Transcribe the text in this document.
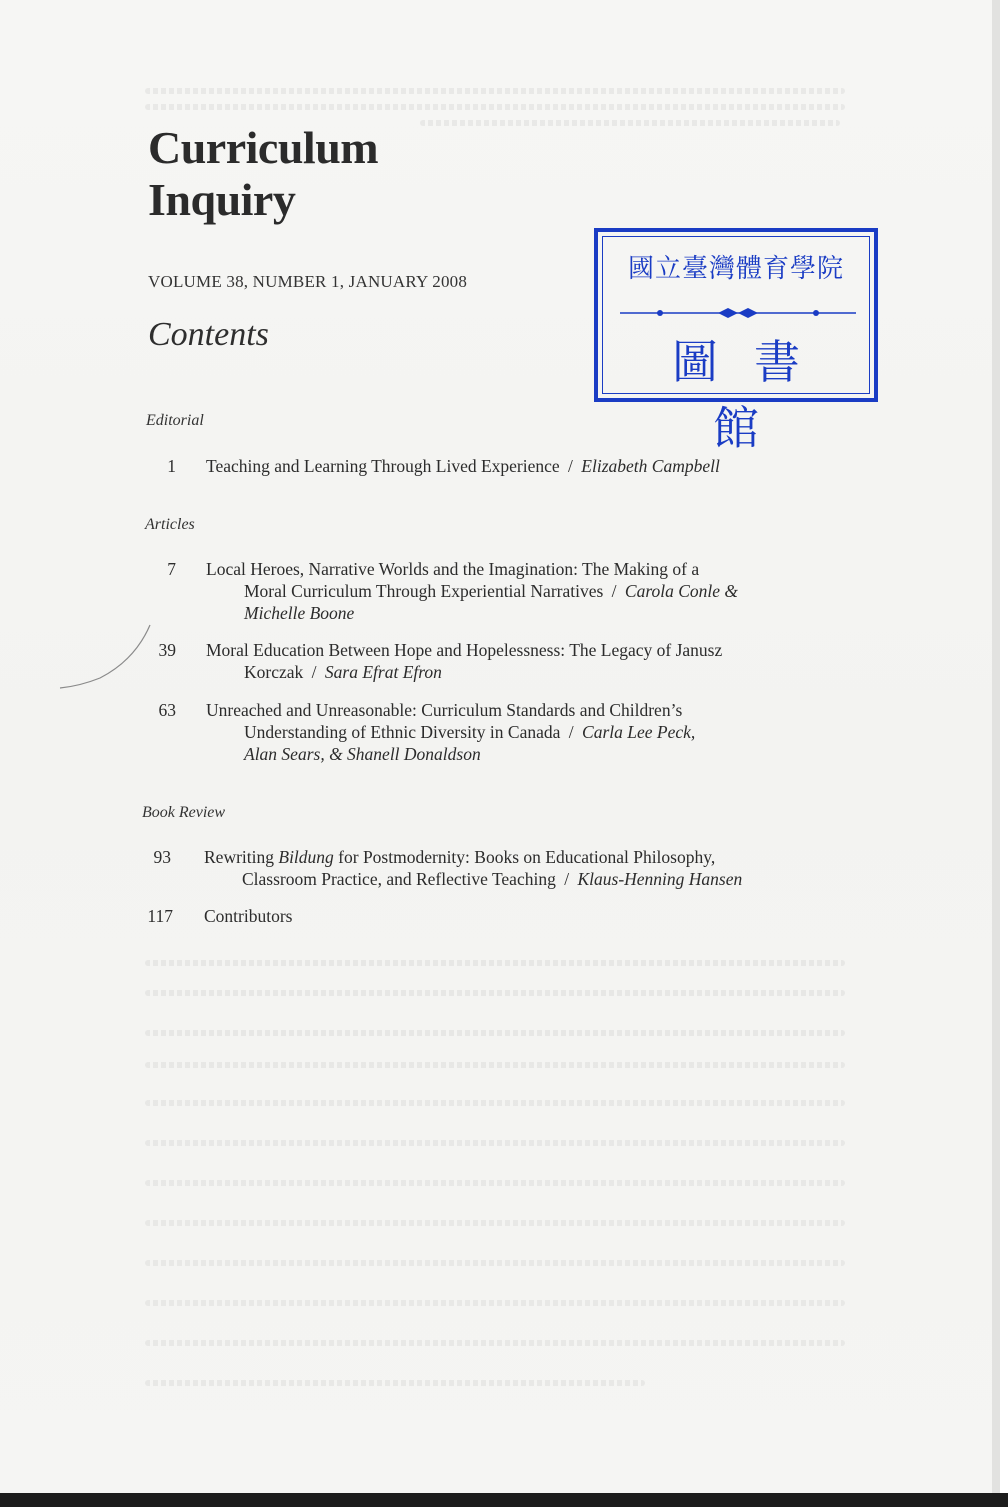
Curriculum
Inquiry
VOLUME 38, NUMBER 1, JANUARY 2008
Contents
國立臺灣體育學院
圖書館
Editorial
1 Teaching and Learning Through Lived Experience / Elizabeth Campbell
Articles
7 Local Heroes, Narrative Worlds and the Imagination: The Making of a
Moral Curriculum Through Experiential Narratives / Carola Conle &
Michelle Boone
39 Moral Education Between Hope and Hopelessness: The Legacy of Janusz
Korczak / Sara Efrat Efron
63 Unreached and Unreasonable: Curriculum Standards and Children’s
Understanding of Ethnic Diversity in Canada / Carla Lee Peck,
Alan Sears, & Shanell Donaldson
Book Review
93 Rewriting Bildung for Postmodernity: Books on Educational Philosophy,
Classroom Practice, and Reflective Teaching / Klaus-Henning Hansen
117 Contributors
